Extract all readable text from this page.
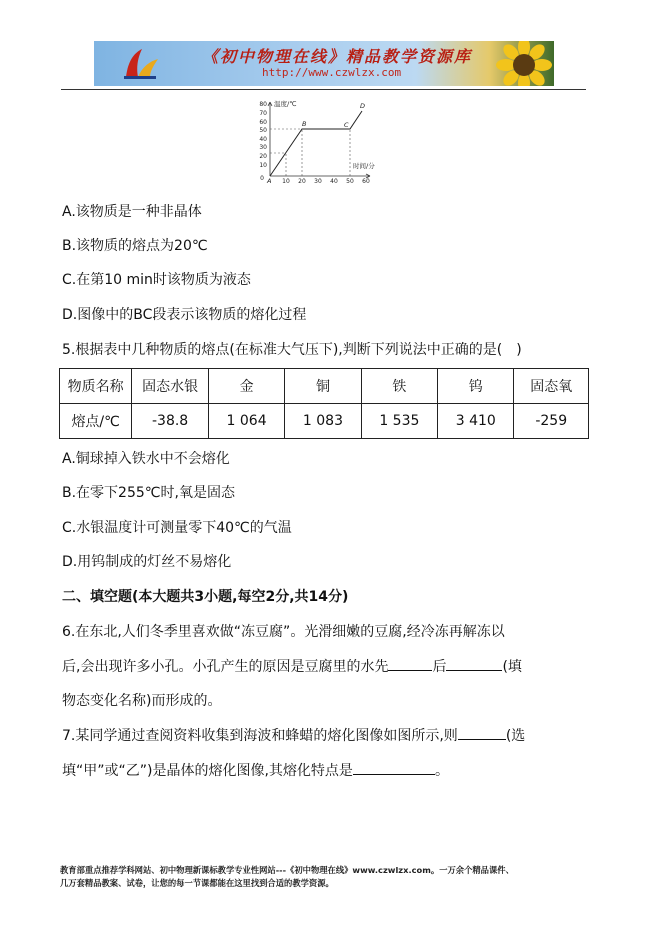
《初中物理在线》精品教学资源库
http://www.czwlzx.com
温度/℃
时间/分
80
70
60
50
40
30
20
10
0	10 20 30 40 50 60
A
B	C
D
A.该物质是一种非晶体
B.该物质的熔点为20℃
C.在第10 min时该物质为液态
D.图像中的BC段表示该物质的熔化过程
5.根据表中几种物质的熔点(在标准大气压下),判断下列说法中正确的是(　)
物质名称	固态水银	金	铜	铁	钨	固态氧
熔点/℃	-38.8	1 064	1 083	1 535	3 410	-259
A.铜球掉入铁水中不会熔化
B.在零下255℃时,氧是固态
C.水银温度计可测量零下40℃的气温
D.用钨制成的灯丝不易熔化
二、填空题(本大题共3小题,每空2分,共14分)
6.在东北,人们冬季里喜欢做“冻豆腐”。光滑细嫩的豆腐,经冷冻再解冻以
后,会出现许多小孔。小孔产生的原因是豆腐里的水先	后	(填
物态变化名称)而形成的。
7.某同学通过查阅资料收集到海波和蜂蜡的熔化图像如图所示,则	(选
填“甲”或“乙”)是晶体的熔化图像,其熔化特点是	。
教育部重点推荐学科网站、初中物理新课标教学专业性网站---《初中物理在线》www.czwlzx.com。一万余个精品课件、
几万套精品教案、试卷，让您的每一节课都能在这里找到合适的教学资源。
